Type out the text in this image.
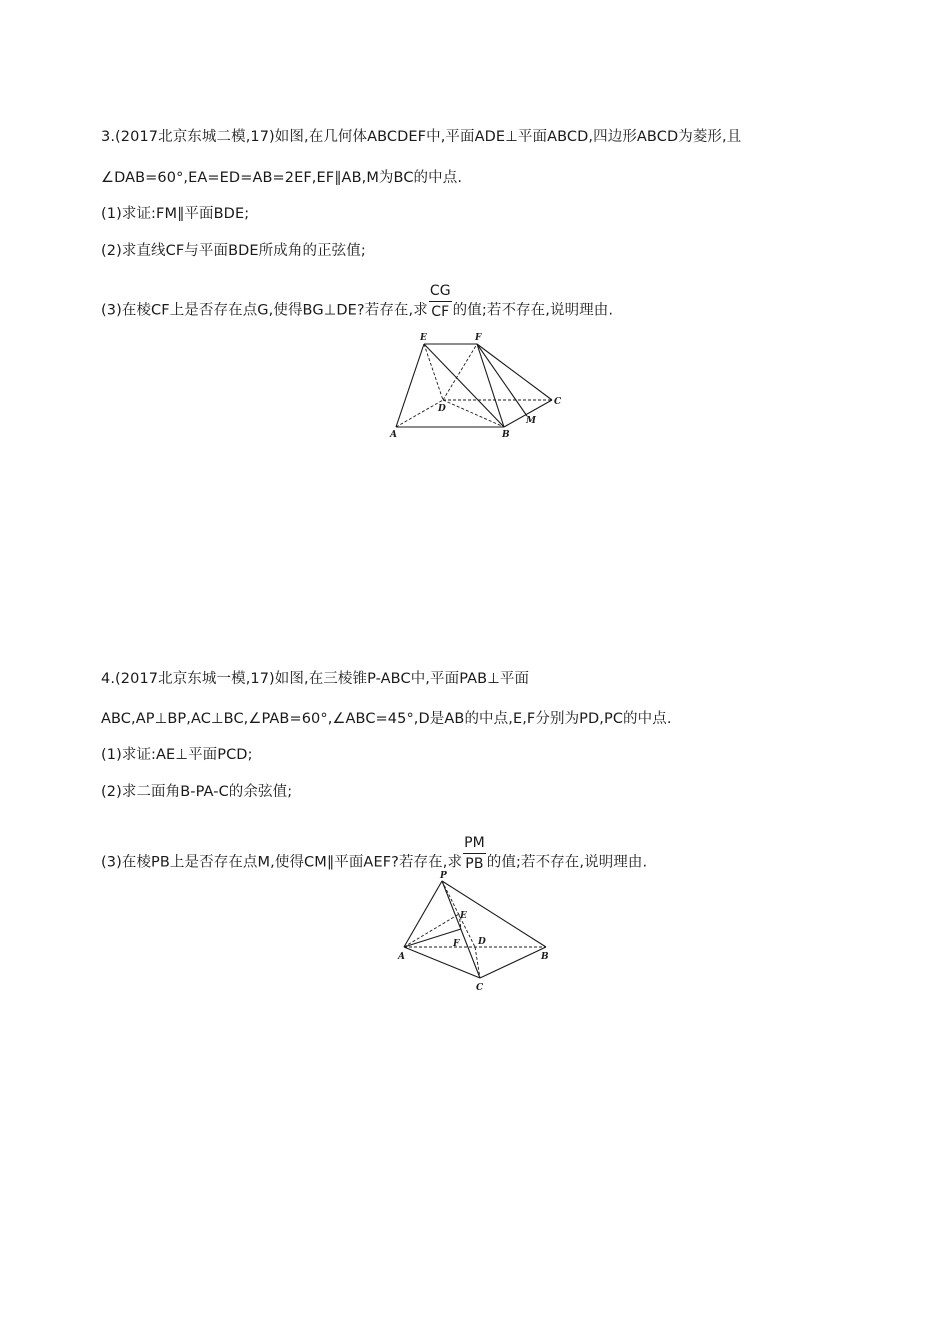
3.(2017北京东城二模,17)如图,在几何体ABCDEF中,平面ADE⊥平面ABCD,四边形ABCD为菱形,且
∠DAB=60°,EA=ED=AB=2EF,EF∥AB,M为BC的中点.
(1)求证:FM∥平面BDE;
(2)求直线CF与平面BDE所成角的正弦值;
(3)在棱CF上是否存在点G,使得BG⊥DE?若存在,求 $\frac{CG}{CF}$ 的值;若不存在,说明理由.
E	F
D
C
M
A	B
4.(2017北京东城一模,17)如图,在三棱锥P-ABC中,平面PAB⊥平面
ABC,AP⊥BP,AC⊥BC,∠PAB=60°,∠ABC=45°,D是AB的中点,E,F分别为PD,PC的中点.
(1)求证:AE⊥平面PCD;
(2)求二面角B-PA-C的余弦值;
(3)在棱PB上是否存在点M,使得CM∥平面AEF?若存在,求 $\frac{PM}{PB}$ 的值;若不存在,说明理由.
P
E
F D
A	B
C
